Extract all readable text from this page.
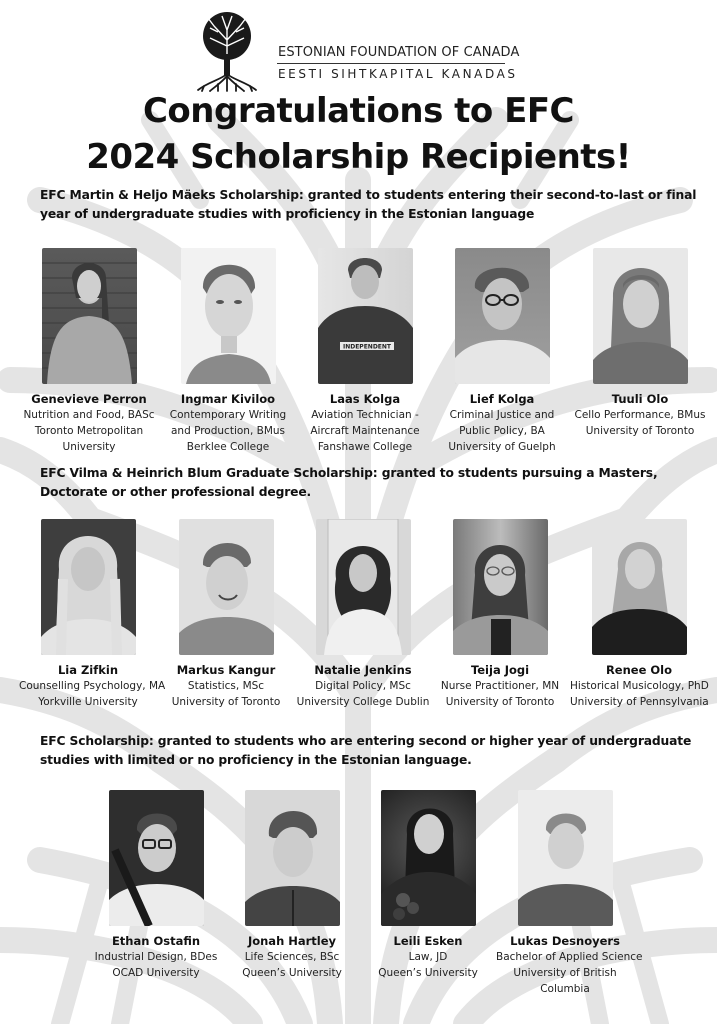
ESTONIAN FOUNDATION OF CANADA
EESTI SIHTKAPITAL KANADAS
Congratulations to EFC
2024 Scholarship Recipients!
EFC Martin & Heljo Mäeks Scholarship: granted to students entering their second-to-last or final
year of undergraduate studies with proficiency in the Estonian language
Genevieve Perron
Nutrition and Food, BASc
Toronto Metropolitan
University
Ingmar Kiviloo
Contemporary Writing
and Production, BMus
Berklee College
INDEPENDENT
Laas Kolga
Aviation Technician -
Aircraft Maintenance
Fanshawe College
Lief Kolga
Criminal Justice and
Public Policy, BA
University of Guelph
Tuuli Olo
Cello Performance, BMus
University of Toronto
EFC Vilma & Heinrich Blum Graduate Scholarship: granted to students pursuing a Masters,
Doctorate or other professional degree.
Lia Zifkin
Counselling Psychology, MA
Yorkville University
Markus Kangur
Statistics, MSc
University of Toronto
Natalie Jenkins
Digital Policy, MSc
University College Dublin
Teija Jogi
Nurse Practitioner, MN
University of Toronto
Renee Olo
Historical Musicology, PhD
University of Pennsylvania
EFC Scholarship: granted to students who are entering second or higher year of undergraduate
studies with limited or no proficiency in the Estonian language.
Ethan Ostafin
Industrial Design, BDes
OCAD University
Jonah Hartley
Life Sciences, BSc
Queen’s University
Leili Esken
Law, JD
Queen’s University
Lukas Desnoyers
Bachelor of Applied Science
University of British
Columbia
